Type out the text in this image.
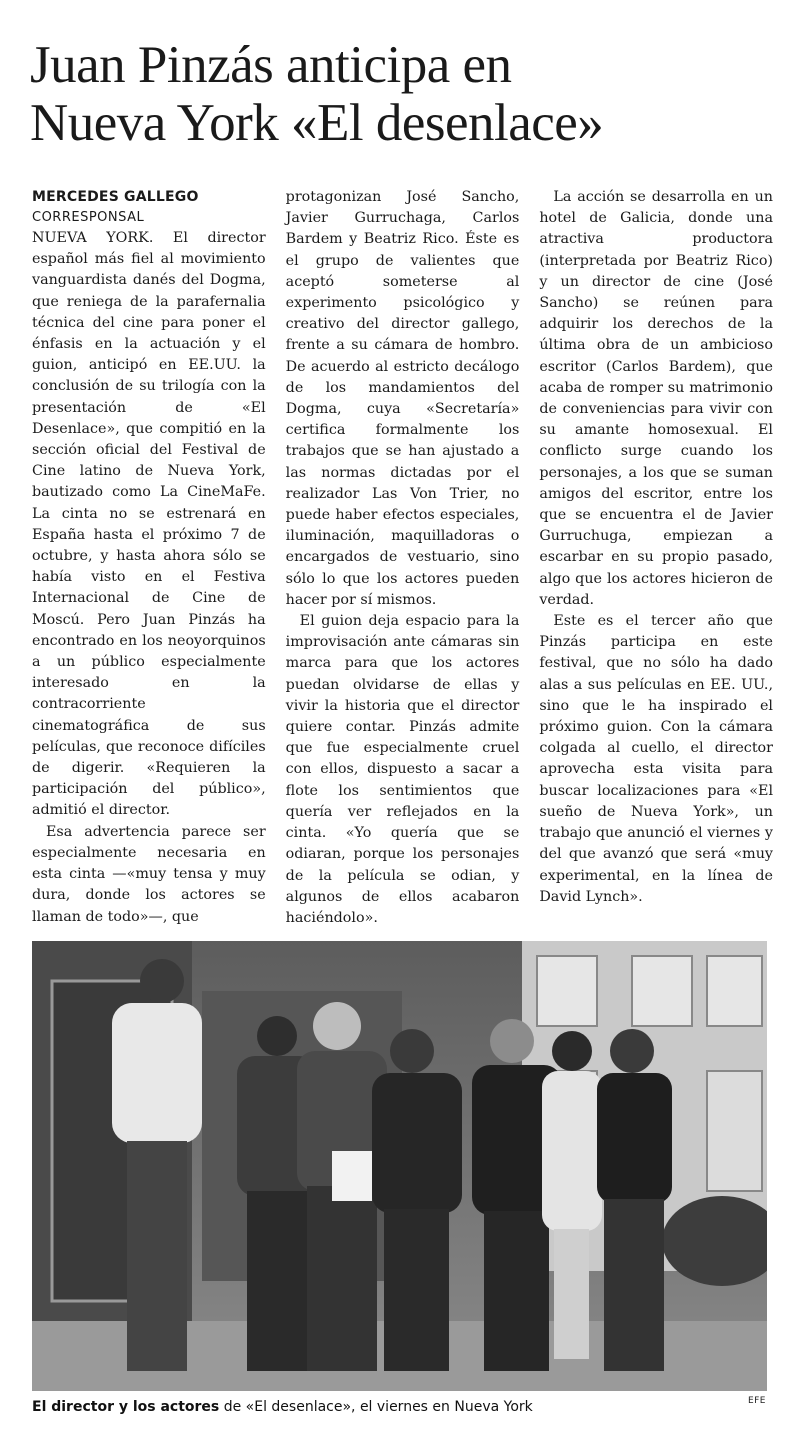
Juan Pinzás anticipa en
Nueva York «El desenlace»
MERCEDES GALLEGO
CORRESPONSAL

NUEVA YORK. El director español más fiel al movimiento vanguardista danés del Dogma, que reniega de la parafernalia técnica del cine para poner el énfasis en la actuación y el guion, anticipó en EE.UU. la conclusión de su trilogía con la presentación de «El Desenlace», que compitió en la sección oficial del Festival de Cine latino de Nueva York, bautizado como La CineMaFe. La cinta no se estrenará en España hasta el próximo 7 de octubre, y hasta ahora sólo se había visto en el Festiva Internacional de Cine de Moscú. Pero Juan Pinzás ha encontrado en los neoyorquinos a un público especialmente interesado en la contracorriente cinematográfica de sus películas, que reconoce difíciles de digerir. «Requieren la participación del público», admitió el director.

Esa advertencia parece ser especialmente necesaria en esta cinta —«muy tensa y muy dura, donde los actores se llaman de todo»—, que

protagonizan José Sancho, Javier Gurruchaga, Carlos Bardem y Beatriz Rico. Éste es el grupo de valientes que aceptó someterse al experimento psicológico y creativo del director gallego, frente a su cámara de hombro. De acuerdo al estricto decálogo de los mandamientos del Dogma, cuya «Secretaría» certifica formalmente los trabajos que se han ajustado a las normas dictadas por el realizador Las Von Trier, no puede haber efectos especiales, iluminación, maquilladoras o encargados de vestuario, sino sólo lo que los actores pueden hacer por sí mismos.

El guion deja espacio para la improvisación ante cámaras sin marca para que los actores puedan olvidarse de ellas y vivir la historia que el director quiere contar. Pinzás admite que fue especialmente cruel con ellos, dispuesto a sacar a flote los sentimientos que quería ver reflejados en la cinta. «Yo quería que se odiaran, porque los personajes de la película se odian, y algunos de ellos acabaron haciéndolo».

La acción se desarrolla en un hotel de Galicia, donde una atractiva productora (interpretada por Beatriz Rico) y un director de cine (José Sancho) se reúnen para adquirir los derechos de la última obra de un ambicioso escritor (Carlos Bardem), que acaba de romper su matrimonio de conveniencias para vivir con su amante homosexual. El conflicto surge cuando los personajes, a los que se suman amigos del escritor, entre los que se encuentra el de Javier Gurruchuga, empiezan a escarbar en su propio pasado, algo que los actores hicieron de verdad.

Este es el tercer año que Pinzás participa en este festival, que no sólo ha dado alas a sus películas en EE. UU., sino que le ha inspirado el próximo guion. Con la cámara colgada al cuello, el director aprovecha esta visita para buscar localizaciones para «El sueño de Nueva York», un trabajo que anunció el viernes y del que avanzó que será «muy experimental, en la línea de David Lynch».

El director y los actores de «El desenlace», el viernes en Nueva York	EFE
